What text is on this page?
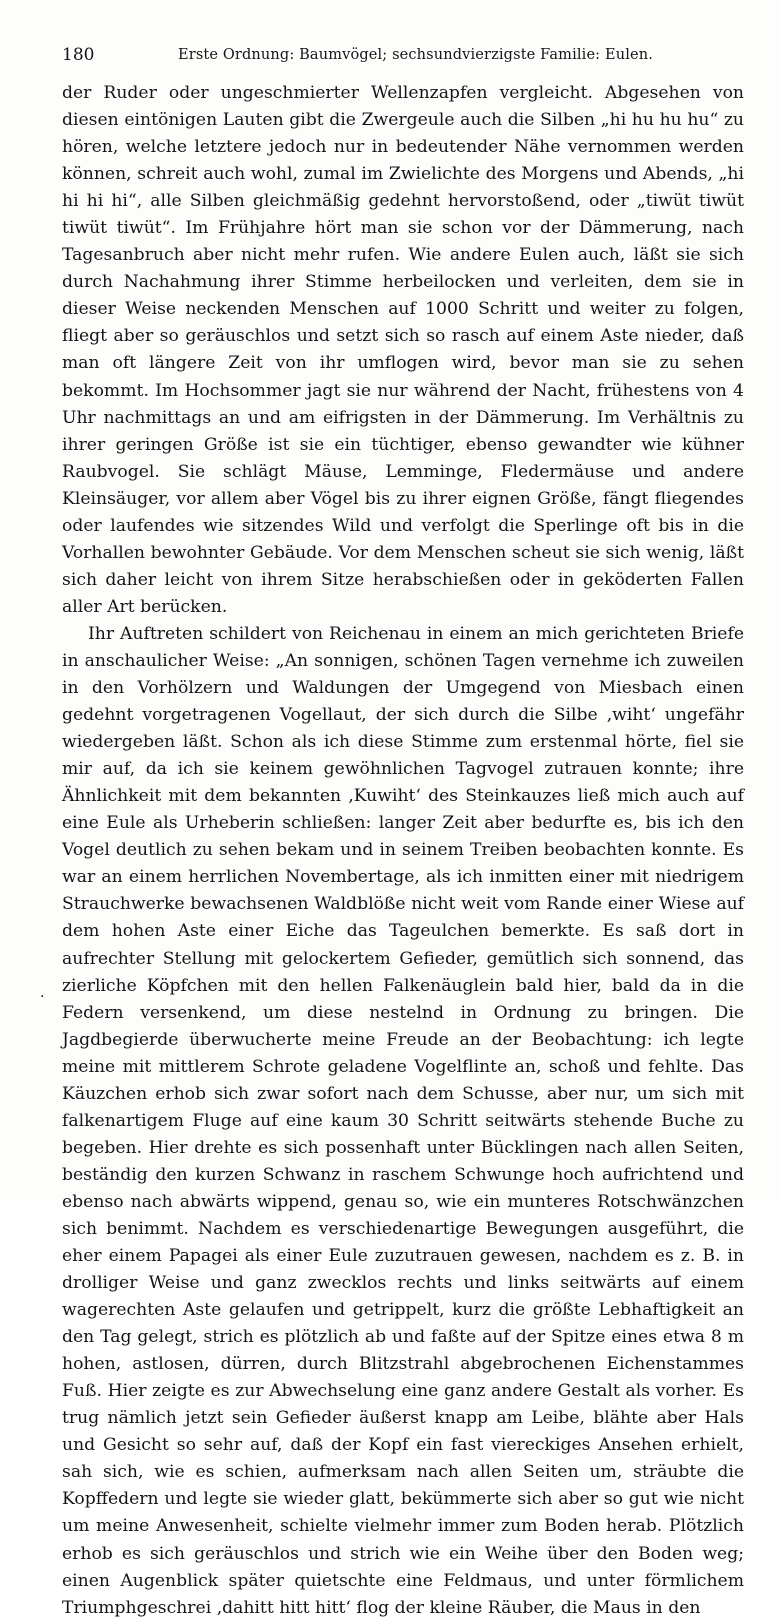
180	Erste Ordnung: Baumvögel; sechsundvierzigste Familie: Eulen.
·

der Ruder oder ungeschmierter Wellenzapfen vergleicht. Abgesehen von diesen eintönigen Lauten gibt die Zwergeule auch die Silben „hi hu hu hu“ zu hören, welche letztere jedoch nur in bedeutender Nähe vernommen werden können, schreit auch wohl, zumal im Zwielichte des Morgens und Abends, „hi hi hi hi“, alle Silben gleichmäßig gedehnt hervorstoßend, oder „tiwüt tiwüt tiwüt tiwüt“. Im Frühjahre hört man sie schon vor der Dämmerung, nach Tagesanbruch aber nicht mehr rufen. Wie andere Eulen auch, läßt sie sich durch Nachahmung ihrer Stimme herbeilocken und verleiten, dem sie in dieser Weise neckenden Menschen auf 1000 Schritt und weiter zu folgen, fliegt aber so geräuschlos und setzt sich so rasch auf einem Aste nieder, daß man oft längere Zeit von ihr umflogen wird, bevor man sie zu sehen bekommt. Im Hochsommer jagt sie nur während der Nacht, frühestens von 4 Uhr nachmittags an und am eifrigsten in der Dämmerung. Im Verhältnis zu ihrer geringen Größe ist sie ein tüchtiger, ebenso gewandter wie kühner Raubvogel. Sie schlägt Mäuse, Lemminge, Fledermäuse und andere Kleinsäuger, vor allem aber Vögel bis zu ihrer eignen Größe, fängt fliegendes oder laufendes wie sitzendes Wild und verfolgt die Sperlinge oft bis in die Vorhallen bewohnter Gebäude. Vor dem Menschen scheut sie sich wenig, läßt sich daher leicht von ihrem Sitze herabschießen oder in geköderten Fallen aller Art berücken.

Ihr Auftreten schildert von Reichenau in einem an mich gerichteten Briefe in anschaulicher Weise: „An sonnigen, schönen Tagen vernehme ich zuweilen in den Vorhölzern und Waldungen der Umgegend von Miesbach einen gedehnt vorgetragenen Vogellaut, der sich durch die Silbe ‚wiht‘ ungefähr wiedergeben läßt. Schon als ich diese Stimme zum erstenmal hörte, fiel sie mir auf, da ich sie keinem gewöhnlichen Tagvogel zutrauen konnte; ihre Ähnlichkeit mit dem bekannten ‚Kuwiht‘ des Steinkauzes ließ mich auch auf eine Eule als Urheberin schließen: langer Zeit aber bedurfte es, bis ich den Vogel deutlich zu sehen bekam und in seinem Treiben beobachten konnte. Es war an einem herrlichen Novembertage, als ich inmitten einer mit niedrigem Strauchwerke bewachsenen Waldblöße nicht weit vom Rande einer Wiese auf dem hohen Aste einer Eiche das Tageulchen bemerkte. Es saß dort in aufrechter Stellung mit gelockertem Gefieder, gemütlich sich sonnend, das zierliche Köpfchen mit den hellen Falkenäuglein bald hier, bald da in die Federn versenkend, um diese nestelnd in Ordnung zu bringen. Die Jagdbegierde überwucherte meine Freude an der Beobachtung: ich legte meine mit mittlerem Schrote geladene Vogelflinte an, schoß und fehlte. Das Käuzchen erhob sich zwar sofort nach dem Schusse, aber nur, um sich mit falkenartigem Fluge auf eine kaum 30 Schritt seitwärts stehende Buche zu begeben. Hier drehte es sich possenhaft unter Bücklingen nach allen Seiten, beständig den kurzen Schwanz in raschem Schwunge hoch aufrichtend und ebenso nach abwärts wippend, genau so, wie ein munteres Rotschwänzchen sich benimmt. Nachdem es verschiedenartige Bewegungen ausgeführt, die eher einem Papagei als einer Eule zuzutrauen gewesen, nachdem es z. B. in drolliger Weise und ganz zwecklos rechts und links seitwärts auf einem wagerechten Aste gelaufen und getrippelt, kurz die größte Lebhaftigkeit an den Tag gelegt, strich es plötzlich ab und faßte auf der Spitze eines etwa 8 m hohen, astlosen, dürren, durch Blitzstrahl abgebrochenen Eichenstammes Fuß. Hier zeigte es zur Abwechselung eine ganz andere Gestalt als vorher. Es trug nämlich jetzt sein Gefieder äußerst knapp am Leibe, blähte aber Hals und Gesicht so sehr auf, daß der Kopf ein fast viereckiges Ansehen erhielt, sah sich, wie es schien, aufmerksam nach allen Seiten um, sträubte die Kopffedern und legte sie wieder glatt, bekümmerte sich aber so gut wie nicht um meine Anwesenheit, schielte vielmehr immer zum Boden herab. Plötzlich erhob es sich geräuschlos und strich wie ein Weihe über den Boden weg; einen Augenblick später quietschte eine Feldmaus, und unter förmlichem Triumphgeschrei ‚dahitt hitt hitt‘ flog der kleine Räuber, die Maus in den
